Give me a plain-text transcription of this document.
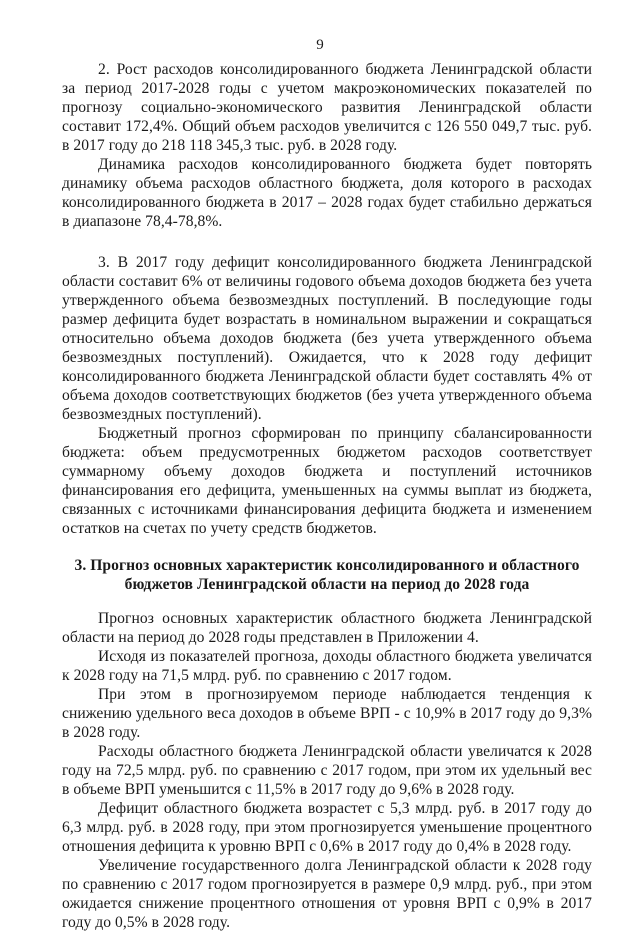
9

2. Рост расходов консолидированного бюджета Ленинградской области за период 2017-2028 годы с учетом макроэкономических показателей по прогнозу социально-экономического развития Ленинградской области составит 172,4%. Общий объем расходов увеличится с 126 550 049,7 тыс. руб. в 2017 году до 218 118 345,3 тыс. руб. в 2028 году.

Динамика расходов консолидированного бюджета будет повторять динамику объема расходов областного бюджета, доля которого в расходах консолидированного бюджета в 2017 – 2028 годах будет стабильно держаться в диапазоне 78,4-78,8%.

3. В 2017 году дефицит консолидированного бюджета Ленинградской области составит 6% от величины годового объема доходов бюджета без учета утвержденного объема безвозмездных поступлений. В последующие годы размер дефицита будет возрастать в номинальном выражении и сокращаться относительно объема доходов бюджета (без учета утвержденного объема безвозмездных поступлений). Ожидается, что к 2028 году дефицит консолидированного бюджета Ленинградской области будет составлять 4% от объема доходов соответствующих бюджетов (без учета утвержденного объема безвозмездных поступлений).

Бюджетный прогноз сформирован по принципу сбалансированности бюджета: объем предусмотренных бюджетом расходов соответствует суммарному объему доходов бюджета и поступлений источников финансирования его дефицита, уменьшенных на суммы выплат из бюджета, связанных с источниками финансирования дефицита бюджета и изменением остатков на счетах по учету средств бюджетов.

3. Прогноз основных характеристик консолидированного и областного бюджетов Ленинградской области на период до 2028 года

Прогноз основных характеристик областного бюджета Ленинградской области на период до 2028 годы представлен в Приложении 4.

Исходя из показателей прогноза, доходы областного бюджета увеличатся к 2028 году на 71,5 млрд. руб. по сравнению с 2017 годом.

При этом в прогнозируемом периоде наблюдается тенденция к снижению удельного веса доходов в объеме ВРП - с 10,9% в 2017 году до 9,3% в 2028 году.

Расходы областного бюджета Ленинградской области увеличатся к 2028 году на 72,5 млрд. руб. по сравнению с 2017 годом, при этом их удельный вес в объеме ВРП уменьшится с 11,5% в 2017 году до 9,6% в 2028 году.

Дефицит областного бюджета возрастет с 5,3 млрд. руб. в 2017 году до 6,3 млрд. руб. в 2028 году, при этом прогнозируется уменьшение процентного отношения дефицита к уровню ВРП с 0,6% в 2017 году до 0,4% в 2028 году.

Увеличение государственного долга Ленинградской области к 2028 году по сравнению с 2017 годом прогнозируется в размере 0,9 млрд. руб., при этом ожидается снижение процентного отношения от уровня ВРП с 0,9% в 2017 году до 0,5% в 2028 году.
